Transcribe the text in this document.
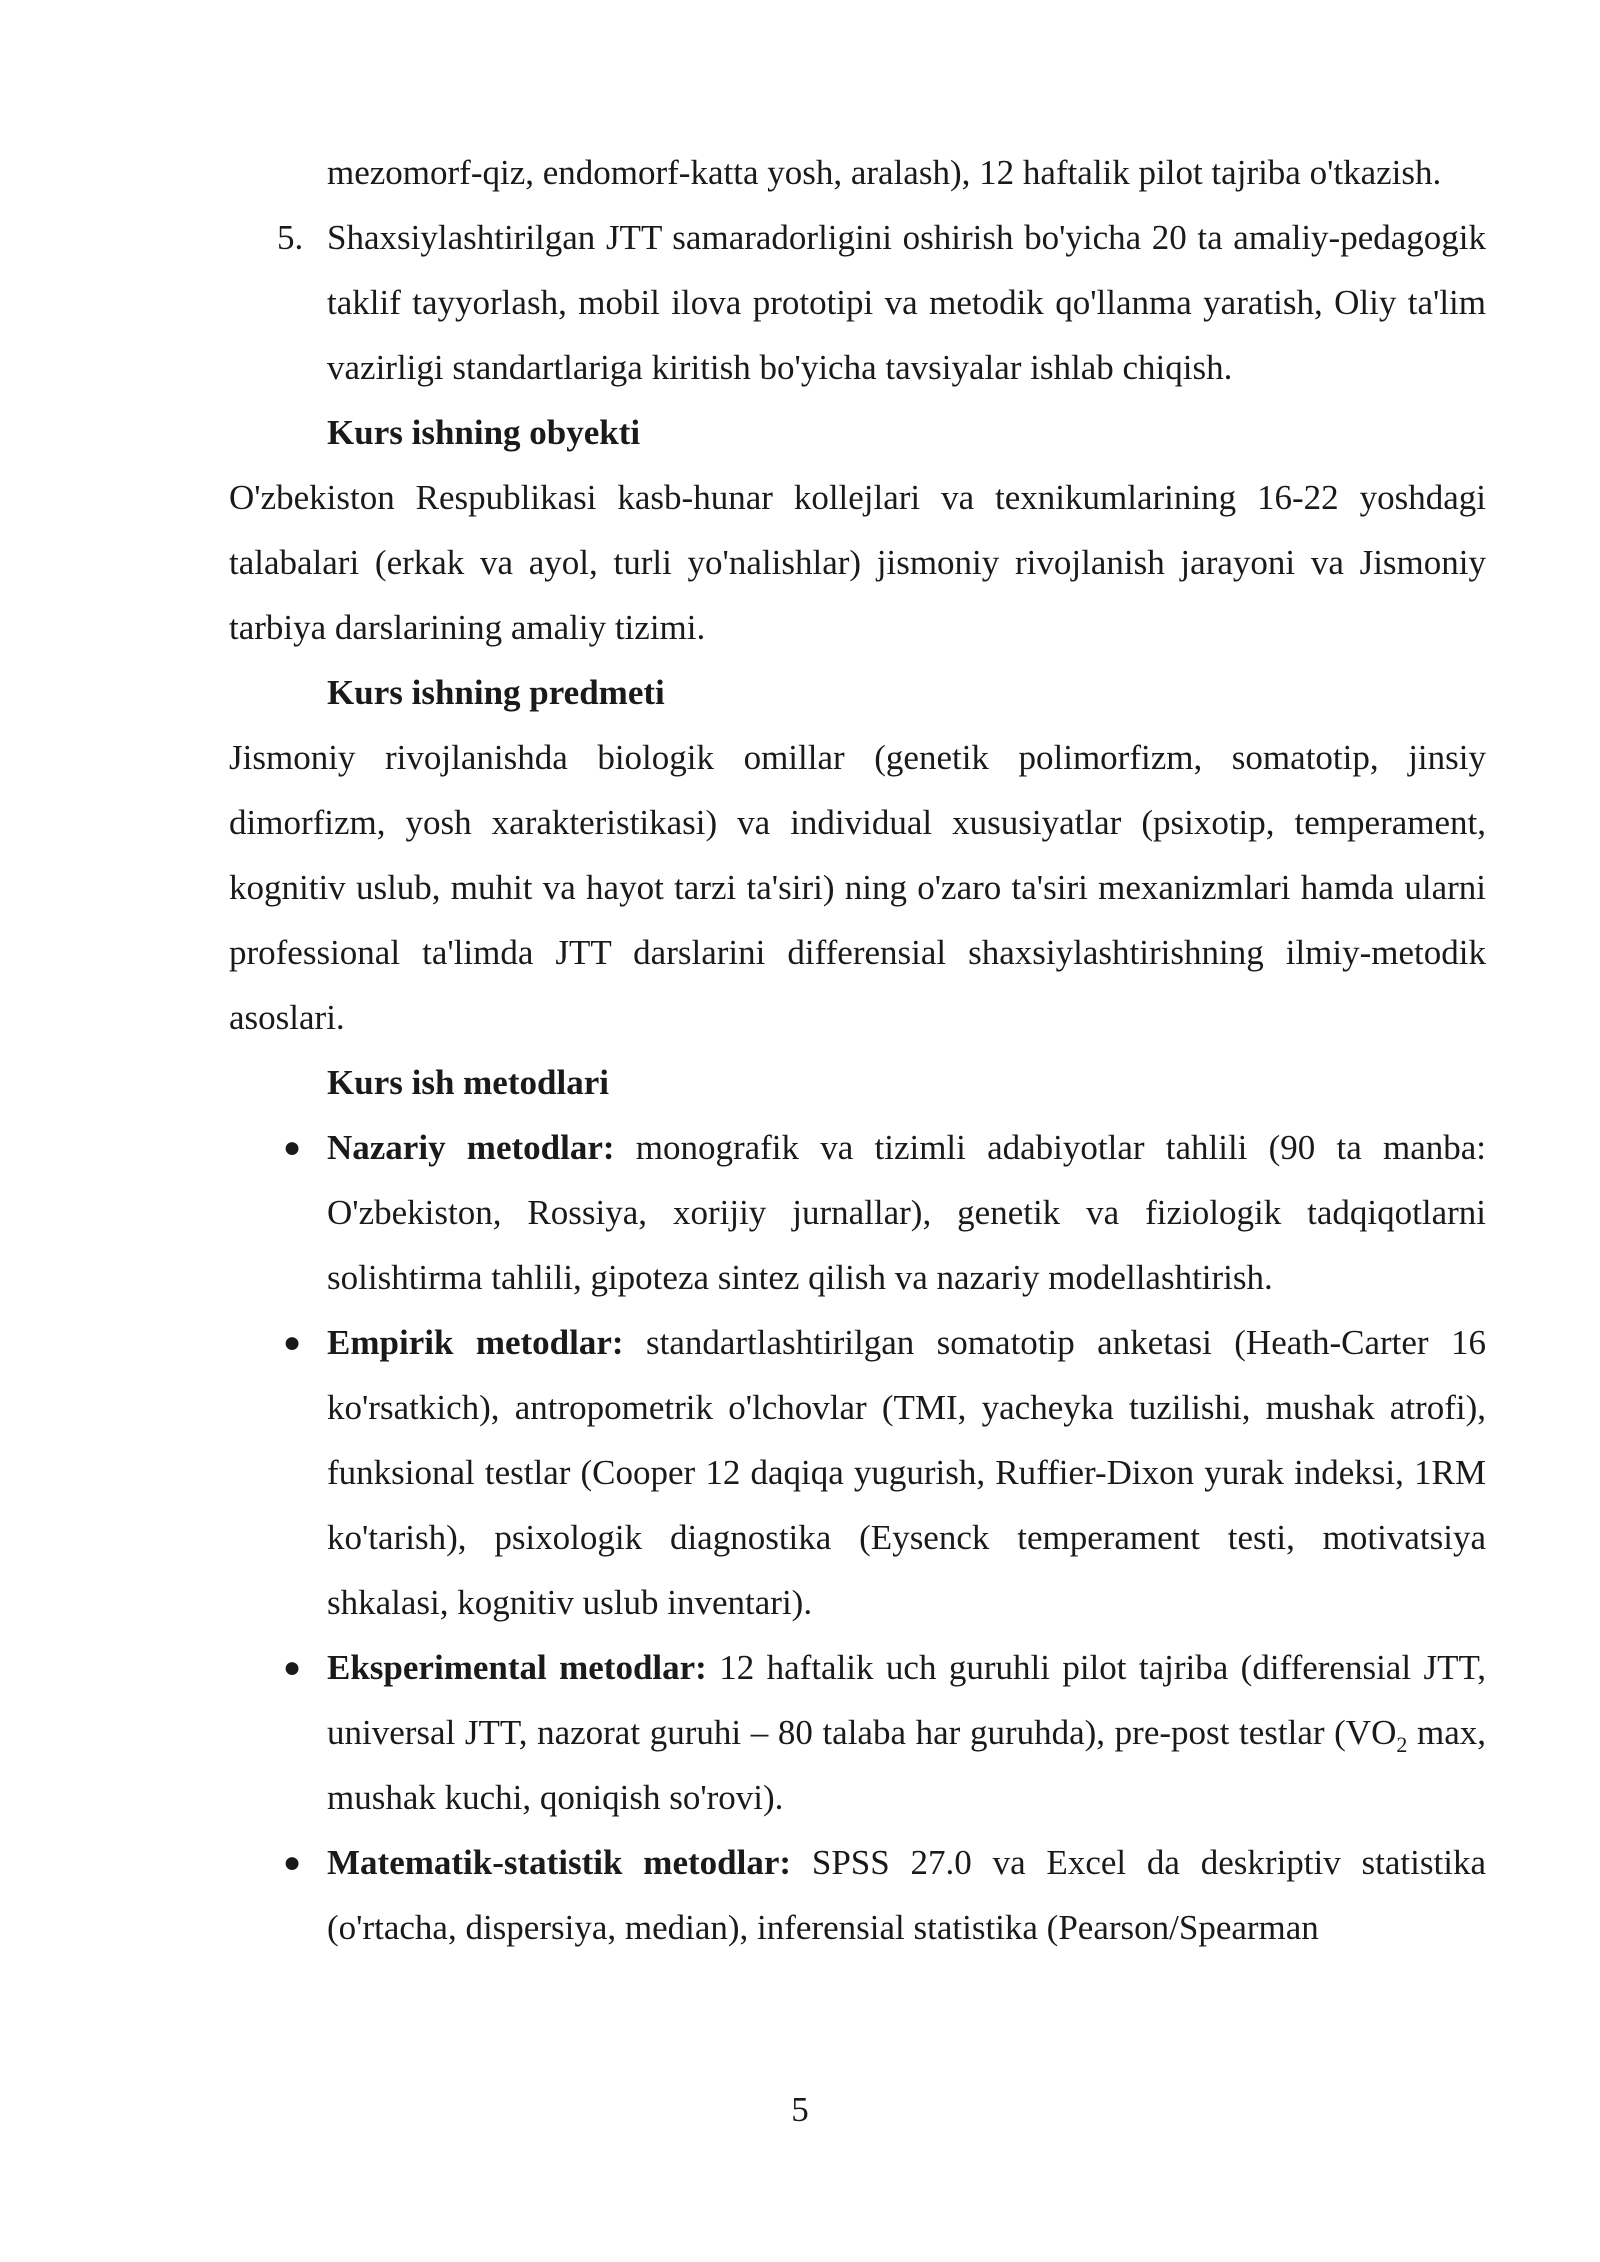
mezomorf-qiz, endomorf-katta yosh, aralash), 12 haftalik pilot tajriba o'tkazish.

5. Shaxsiylashtirilgan JTT samaradorligini oshirish bo'yicha 20 ta amaliy-pedagogik taklif tayyorlash, mobil ilova prototipi va metodik qo'llanma yaratish, Oliy ta'lim vazirligi standartlariga kiritish bo'yicha tavsiyalar ishlab chiqish.

Kurs ishning obyekti

O'zbekiston Respublikasi kasb-hunar kollejlari va texnikumlarining 16-22 yoshdagi talabalari (erkak va ayol, turli yo'nalishlar) jismoniy rivojlanish jarayoni va Jismoniy tarbiya darslarining amaliy tizimi.

Kurs ishning predmeti

Jismoniy rivojlanishda biologik omillar (genetik polimorfizm, somatotip, jinsiy dimorfizm, yosh xarakteristikasi) va individual xususiyatlar (psixotip, temperament, kognitiv uslub, muhit va hayot tarzi ta'siri) ning o'zaro ta'siri mexanizmlari hamda ularni professional ta'limda JTT darslarini differensial shaxsiylashtirishning ilmiy-metodik asoslari.

Kurs ish metodlari

● Nazariy metodlar: monografik va tizimli adabiyotlar tahlili (90 ta manba: O'zbekiston, Rossiya, xorijiy jurnallar), genetik va fiziologik tadqiqotlarni solishtirma tahlili, gipoteza sintez qilish va nazariy modellashtirish.
● Empirik metodlar: standartlashtirilgan somatotip anketasi (Heath-Carter 16 ko'rsatkich), antropometrik o'lchovlar (TMI, yacheyka tuzilishi, mushak atrofi), funksional testlar (Cooper 12 daqiqa yugurish, Ruffier-Dixon yurak indeksi, 1RM ko'tarish), psixologik diagnostika (Eysenck temperament testi, motivatsiya shkalasi, kognitiv uslub inventari).
● Eksperimental metodlar: 12 haftalik uch guruhli pilot tajriba (differensial JTT, universal JTT, nazorat guruhi – 80 talaba har guruhda), pre-post testlar ($VO_2$ max, mushak kuchi, qoniqish so'rovi).
● Matematik-statistik metodlar: SPSS 27.0 va Excel da deskriptiv statistika (o'rtacha, dispersiya, median), inferensial statistika (Pearson/Spearman
5
